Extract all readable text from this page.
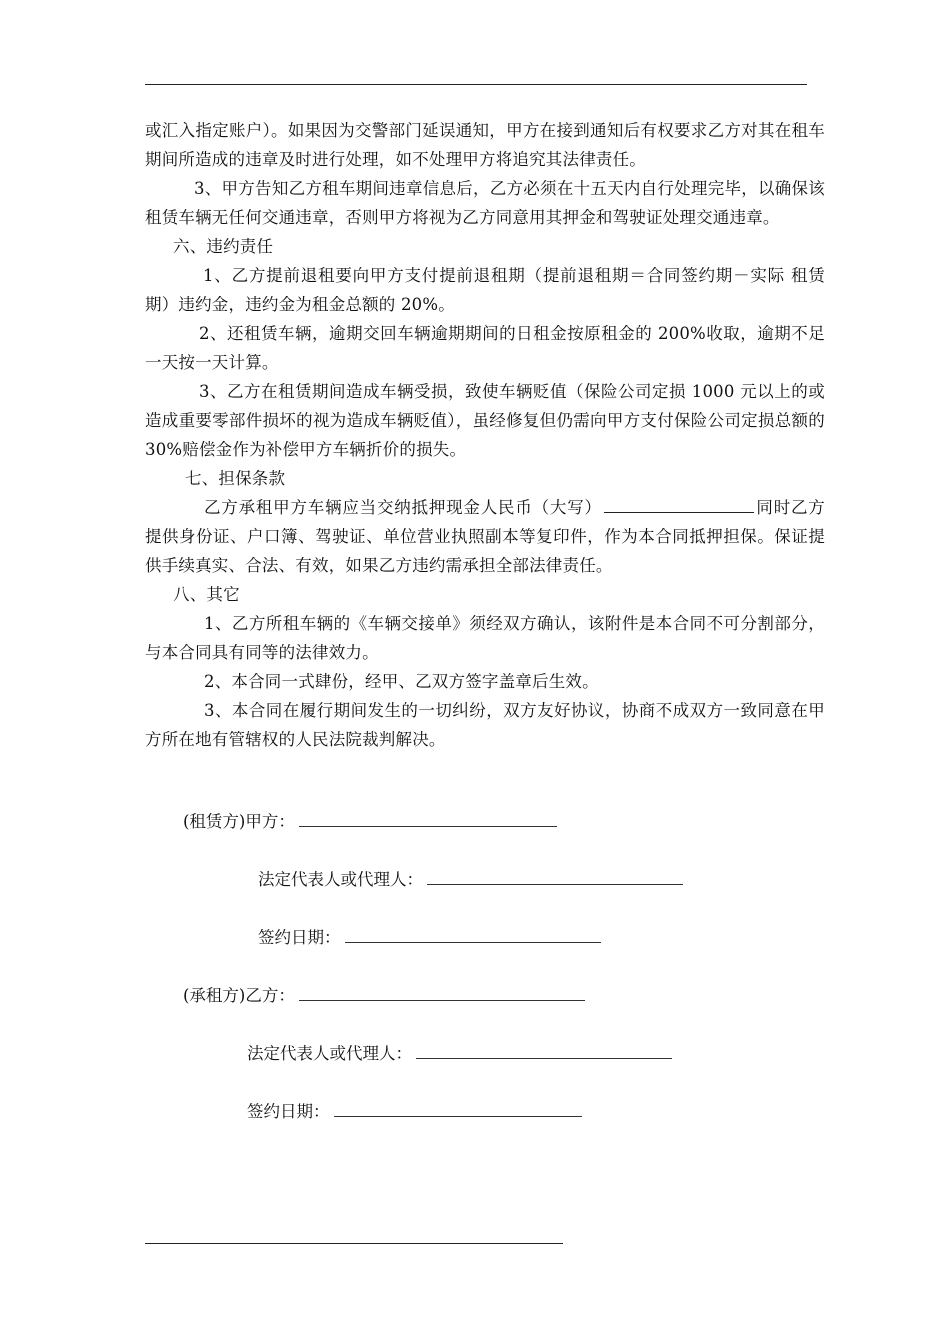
或汇入指定账户）。如果因为交警部门延误通知，甲方在接到通知后有权要求乙方对其在租车期间所造成的违章及时进行处理，如不处理甲方将追究其法律责任。

3、甲方告知乙方租车期间违章信息后，乙方必须在十五天内自行处理完毕，以确保该租赁车辆无任何交通违章，否则甲方将视为乙方同意用其押金和驾驶证处理交通违章。

六、违约责任

1、乙方提前退租要向甲方支付提前退租期（提前退租期＝合同签约期－实际 租赁期）违约金，违约金为租金总额的 20%。

2、还租赁车辆，逾期交回车辆逾期期间的日租金按原租金的 200%收取，逾期不足一天按一天计算。

3、乙方在租赁期间造成车辆受损，致使车辆贬值（保险公司定损 1000 元以上的或造成重要零部件损坏的视为造成车辆贬值），虽经修复但仍需向甲方支付保险公司定损总额的 30%赔偿金作为补偿甲方车辆折价的损失。

七、担保条款

乙方承租甲方车辆应当交纳抵押现金人民币（大写）	同时乙方提供身份证、户口簿、驾驶证、单位营业执照副本等复印件，作为本合同抵押担保。保证提供手续真实、合法、有效，如果乙方违约需承担全部法律责任。

八、其它

1、乙方所租车辆的《车辆交接单》须经双方确认，该附件是本合同不可分割部分，与本合同具有同等的法律效力。

2、本合同一式肆份，经甲、乙双方签字盖章后生效。

3、本合同在履行期间发生的一切纠纷，双方友好协议，协商不成双方一致同意在甲方所在地有管辖权的人民法院裁判解决。

(租赁方)甲方：
法定代表人或代理人：
签约日期：
(承租方)乙方：
法定代表人或代理人：
签约日期：
